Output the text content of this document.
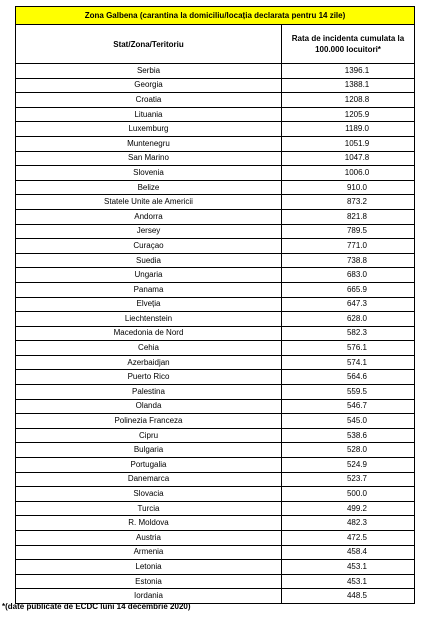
Zona Galbena (carantina la domiciliu/locația declarata pentru 14 zile)	
Stat/Zona/Teritoriu	Rata de incidenta cumulata la 100.000 locuitori*
Serbia	1396.1
Georgia	1388.1
Croatia	1208.8
Lituania	1205.9
Luxemburg	1189.0
Muntenegru	1051.9
San Marino	1047.8
Slovenia	1006.0
Belize	910.0
Statele Unite ale Americii	873.2
Andorra	821.8
Jersey	789.5
Curaçao	771.0
Suedia	738.8
Ungaria	683.0
Panama	665.9
Elveția	647.3
Liechtenstein	628.0
Macedonia de Nord	582.3
Cehia	576.1
Azerbaidjan	574.1
Puerto Rico	564.6
Palestina	559.5
Olanda	546.7
Polinezia Franceza	545.0
Cipru	538.6
Bulgaria	528.0
Portugalia	524.9
Danemarca	523.7
Slovacia	500.0
Turcia	499.2
R. Moldova	482.3
Austria	472.5
Armenia	458.4
Letonia	453.1
Estonia	453.1
Iordania	448.5
*(date publicate de ECDC luni 14 decembrie 2020)
